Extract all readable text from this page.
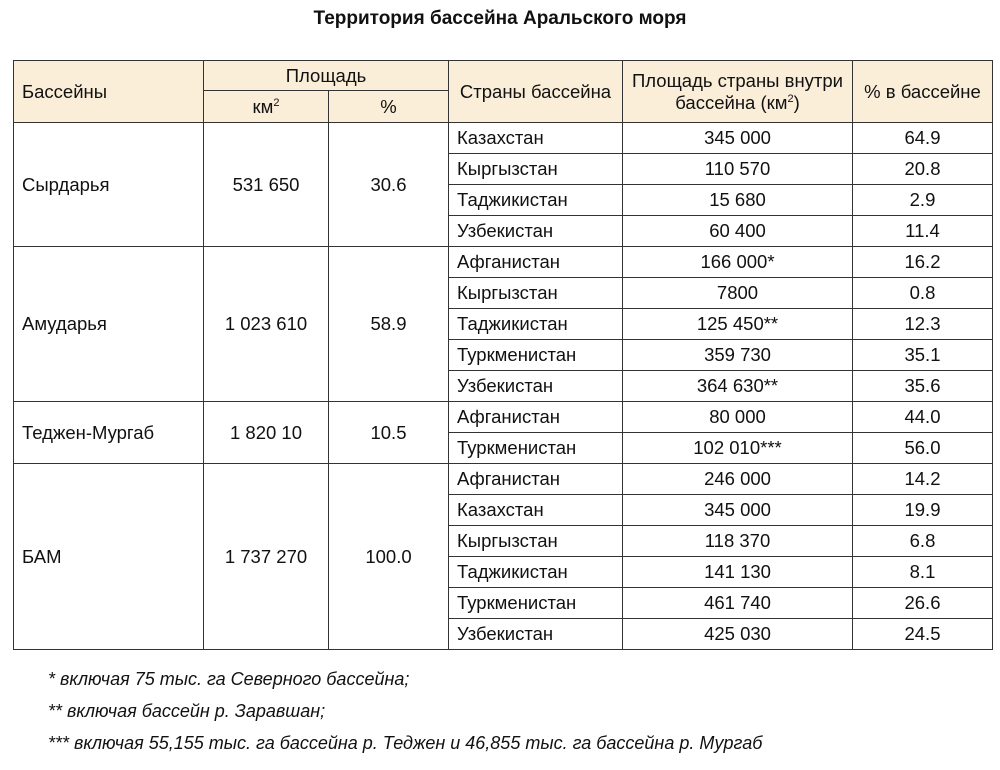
Территория бассейна Аральского моря
Бассейны	Площадь		Страны бассейна	Площадь страны внутри бассейна $(км^2)$	% в бассейне
	$км^2$	%			
Сырдарья	531 650	30.6	Казахстан	345 000	64.9
			Кыргызстан	110 570	20.8
			Таджикистан	15 680	2.9
			Узбекистан	60 400	11.4
Амударья	1 023 610	58.9	Афганистан	166 000*	16.2
			Кыргызстан	7800	0.8
			Таджикистан	125 450**	12.3
			Туркменистан	359 730	35.1
			Узбекистан	364 630**	35.6
Теджен-Мургаб	1 820 10	10.5	Афганистан	80 000	44.0
			Туркменистан	102 010***	56.0
БАМ	1 737 270	100.0	Афганистан	246 000	14.2
			Казахстан	345 000	19.9
			Кыргызстан	118 370	6.8
			Таджикистан	141 130	8.1
			Туркменистан	461 740	26.6
			Узбекистан	425 030	24.5
* включая 75 тыс. га Северного бассейна;
** включая бассейн р. Заравшан;
*** включая 55,155 тыс. га бассейна р. Теджен и 46,855 тыс. га бассейна р. Мургаб
